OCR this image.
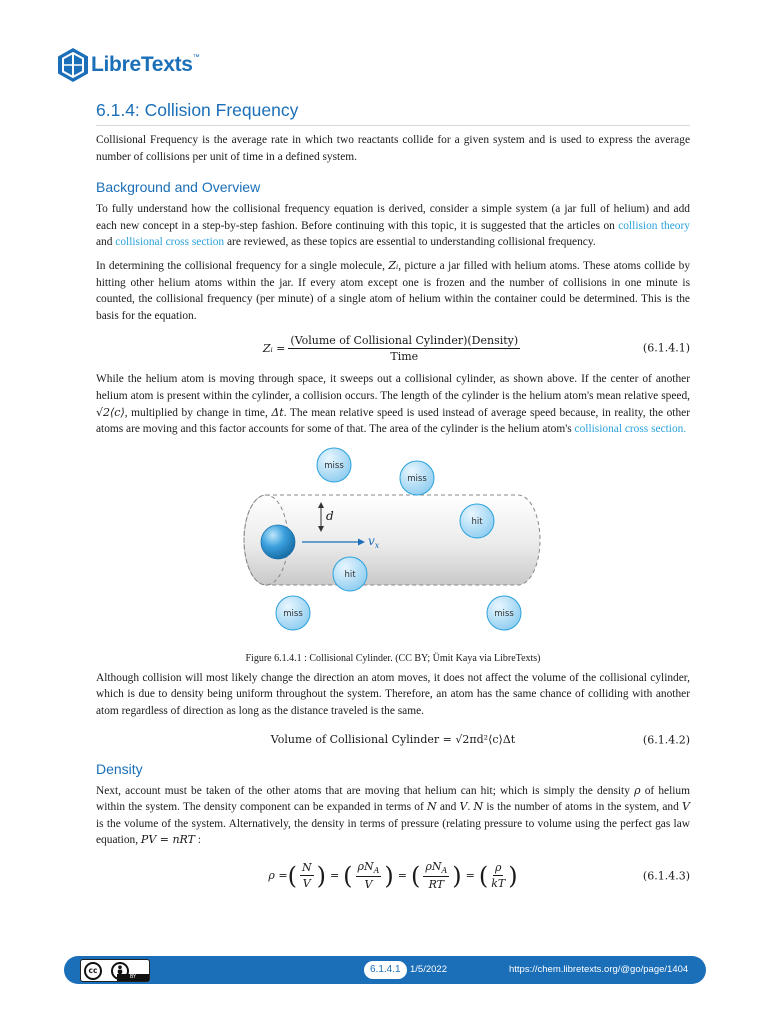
LibreTexts ™
6.1.4: Collision Frequency

Collisional Frequency is the average rate in which two reactants collide for a given system and is used to express the average number of collisions per unit of time in a defined system.

Background and Overview

To fully understand how the collisional frequency equation is derived, consider a simple system (a jar full of helium) and add each new concept in a step-by-step fashion. Before continuing with this topic, it is suggested that the articles on collision theory and collisional cross section are reviewed, as these topics are essential to understanding collisional frequency.

In determining the collisional frequency for a single molecule, Zᵢ, picture a jar filled with helium atoms. These atoms collide by hitting other helium atoms within the jar. If every atom except one is frozen and the number of collisions in one minute is counted, the collisional frequency (per minute) of a single atom of helium within the container could be determined. This is the basis for the equation.

Zᵢ = $\frac{\text{(Volume of Collisional Cylinder)(Density)}}{\text{Time}}$	(6.1.4.1)

While the helium atom is moving through space, it sweeps out a collisional cylinder, as shown above. If the center of another helium atom is present within the cylinder, a collision occurs. The length of the cylinder is the helium atom's mean relative speed, √2⟨c⟩, multiplied by change in time, Δt. The mean relative speed is used instead of average speed because, in reality, the other atoms are moving and this factor accounts for some of that. The area of the cylinder is the helium atom's collisional cross section.

$v_x$
d
miss
miss
hit
hit
miss	miss
Figure 6.1.4.1 : Collisional Cylinder. (CC BY; Ümit Kaya via LibreTexts)

Although collision will most likely change the direction an atom moves, it does not affect the volume of the collisional cylinder, which is due to density being uniform throughout the system. Therefore, an atom has the same chance of colliding with another atom regardless of direction as long as the distance traveled is the same.

Volume of Collisional Cylinder = √2πd²⟨c⟩Δt	(6.1.4.2)
Density

Next, account must be taken of the other atoms that are moving that helium can hit; which is simply the density ρ of helium within the system. The density component can be expanded in terms of N and V. N is the number of atoms in the system, and V is the volume of the system. Alternatively, the density in terms of pressure (relating pressure to volume using the perfect gas law equation, PV = nRT :

ρ = ( $\frac{N}{V}$ ) = ( $\frac{\rho N_A}{V}$ ) = ( $\frac{\rho N_A}{RT}$ ) = ( $\frac{\rho}{kT}$ )	(6.1.4.3)
cc
BY
6.1.4.1 1/5/2022	https://chem.libretexts.org/@go/page/1404
